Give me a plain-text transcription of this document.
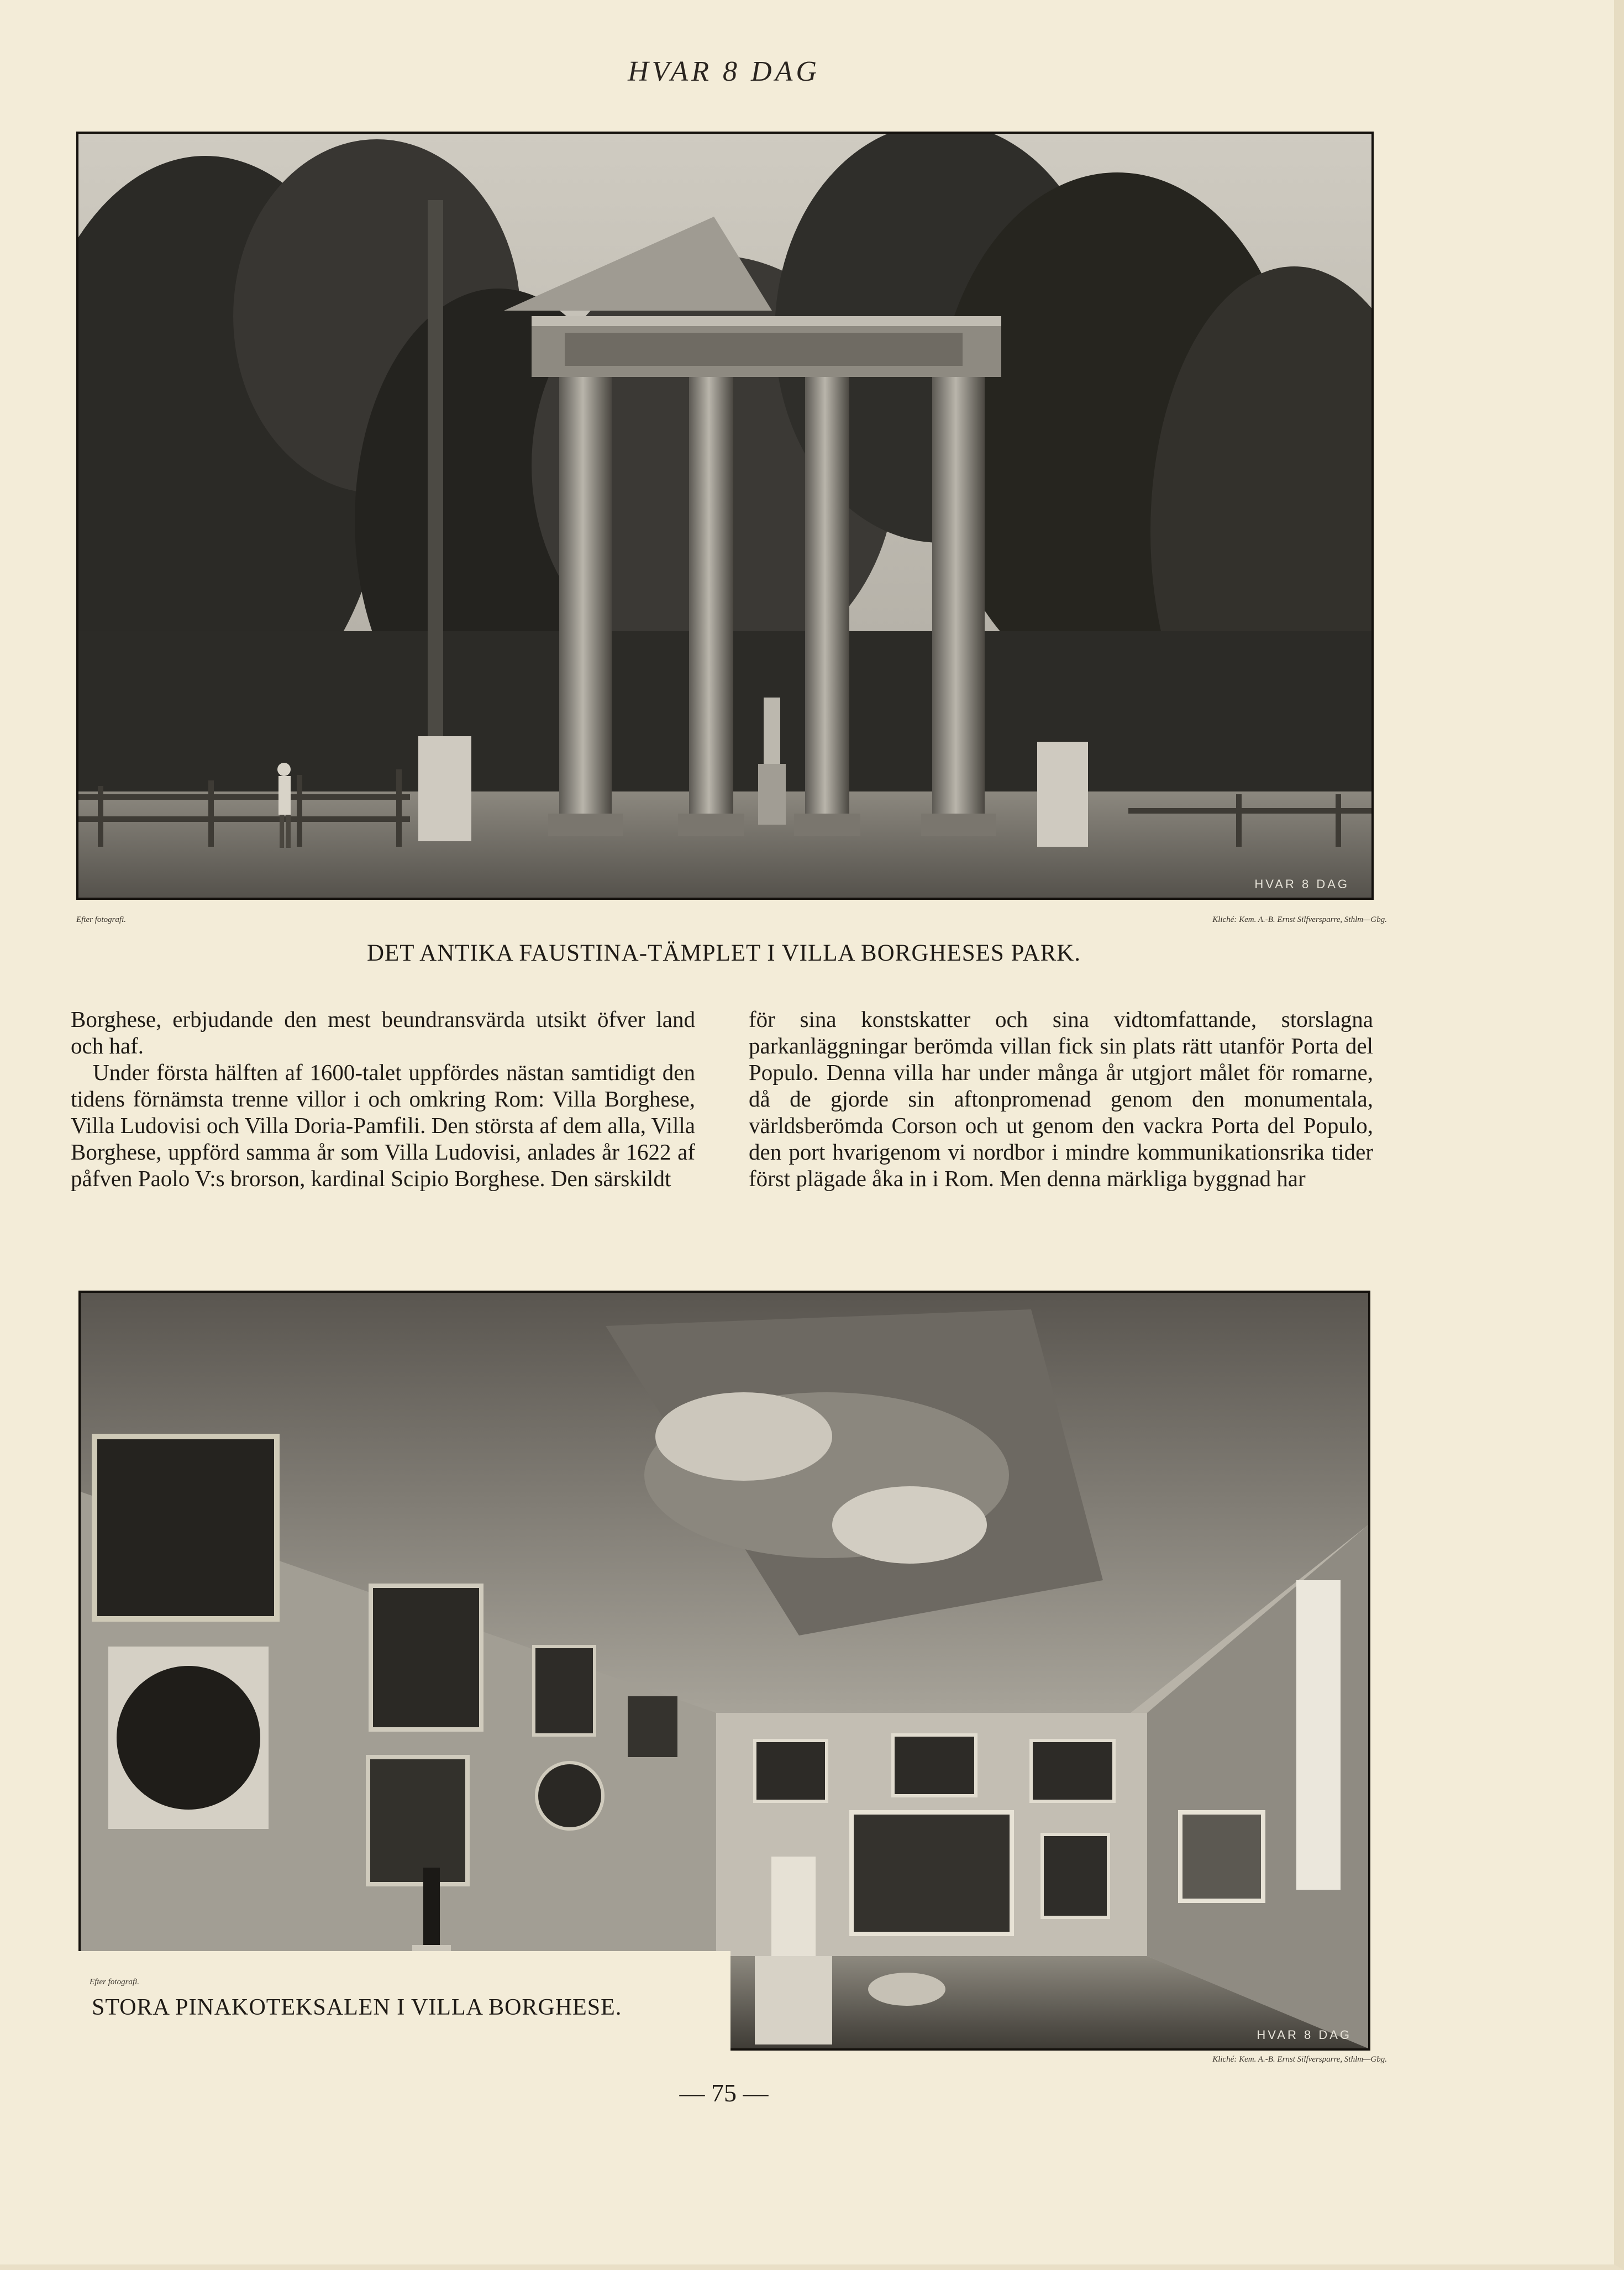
HVAR 8 DAG
HVAR 8 DAG
Efter fotografi.	Kliché: Kem. A.-B. Ernst Silfversparre, Sthlm—Gbg.
DET ANTIKA FAUSTINA-TÄMPLET I VILLA BORGHESES PARK.

Borghese, erbjudande den mest beundransvärda utsikt öfver land och haf.

Under första hälften af 1600-talet uppfördes nästan samtidigt den tidens förnämsta trenne villor i och omkring Rom: Villa Borghese, Villa Ludovisi och Villa Doria-Pamfili. Den största af dem alla, Villa Borghese, uppförd samma år som Villa Ludovisi, anlades år 1622 af påfven Paolo V:s brorson, kardinal Scipio Borghese. Den särskildt

för sina konstskatter och sina vidtomfattande, storslagna parkanläggningar berömda villan fick sin plats rätt utanför Porta del Populo. Denna villa har under många år utgjort målet för romarne, då de gjorde sin aftonpromenad genom den monumentala, världsberömda Corson och ut genom den vackra Porta del Populo, den port hvarigenom vi nordbor i mindre kommunikationsrika tider först plägade åka in i Rom. Men denna märkliga byggnad har

HVAR 8 DAG
Efter fotografi.
STORA PINAKOTEKSALEN I VILLA BORGHESE.
Kliché: Kem. A.-B. Ernst Silfversparre, Sthlm—Gbg.
— 75 —
